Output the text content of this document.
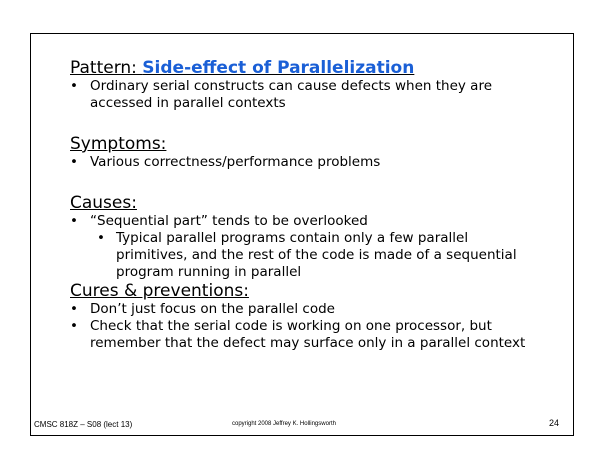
Pattern: Side-effect of Parallelization

• Ordinary serial constructs can cause defects when they are accessed in parallel contexts

Symptoms:

• Various correctness/performance problems

Causes:

• “Sequential part” tends to be overlooked

• Typical parallel programs contain only a few parallel primitives, and the rest of the code is made of a sequential program running in parallel

Cures & preventions:

• Don’t just focus on the parallel code

• Check that the serial code is working on one processor, but remember that the defect may surface only in a parallel context

CMSC 818Z – S08 (lect 13)	copyright 2008 Jeffrey K. Hollingsworth	24
